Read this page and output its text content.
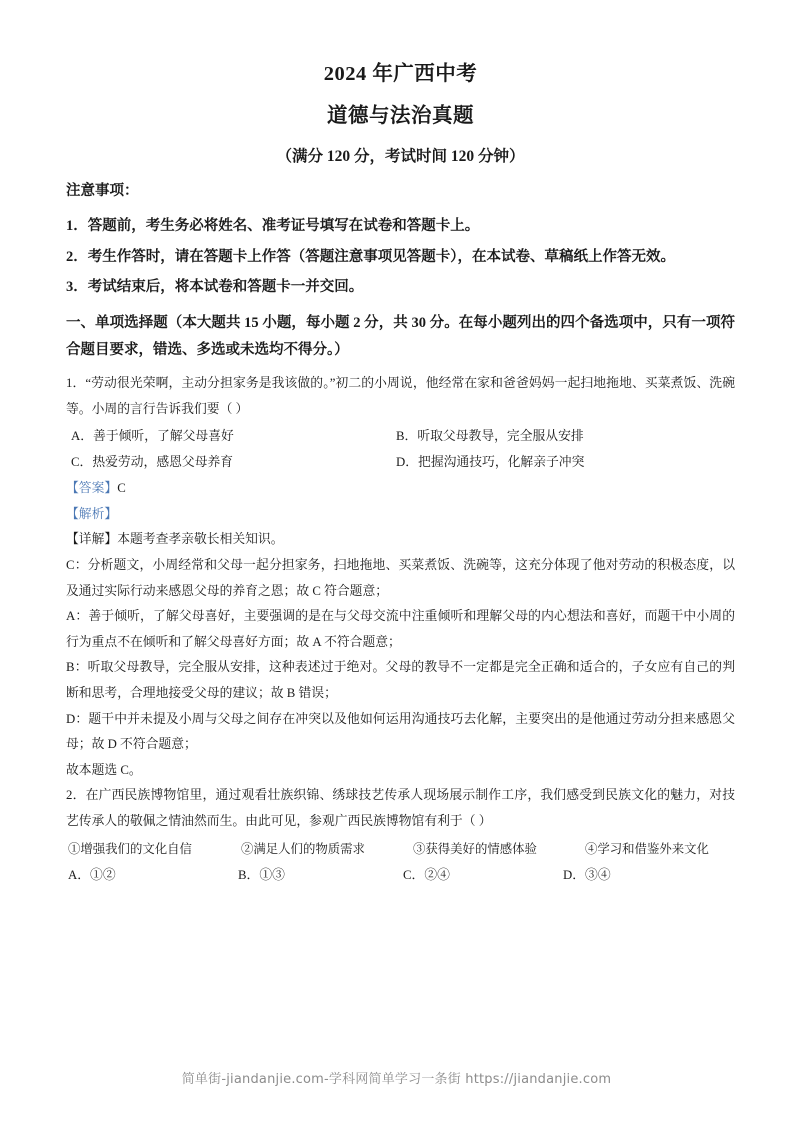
2024 年广西中考
道德与法治真题
（满分 120 分，考试时间 120 分钟）
注意事项：
1．答题前，考生务必将姓名、准考证号填写在试卷和答题卡上。
2．考生作答时，请在答题卡上作答（答题注意事项见答题卡），在本试卷、草稿纸上作答无效。
3．考试结束后，将本试卷和答题卡一并交回。
一、单项选择题（本大题共 15 小题，每小题 2 分，共 30 分。在每小题列出的四个备选项中，只有一项符合题目要求，错选、多选或未选均不得分。）
1．“劳动很光荣啊，主动分担家务是我该做的。”初二的小周说，他经常在家和爸爸妈妈一起扫地拖地、买菜煮饭、洗碗等。小周的言行告诉我们要（ ）
A．善于倾听，了解父母喜好	B．听取父母教导，完全服从安排
C．热爱劳动，感恩父母养育	D．把握沟通技巧，化解亲子冲突
【答案】C
【解析】
【详解】本题考查孝亲敬长相关知识。
C：分析题文，小周经常和父母一起分担家务，扫地拖地、买菜煮饭、洗碗等，这充分体现了他对劳动的积极态度，以及通过实际行动来感恩父母的养育之恩；故 C 符合题意；
A：善于倾听，了解父母喜好，主要强调的是在与父母交流中注重倾听和理解父母的内心想法和喜好，而题干中小周的行为重点不在倾听和了解父母喜好方面；故 A 不符合题意；
B：听取父母教导，完全服从安排，这种表述过于绝对。父母的教导不一定都是完全正确和适合的，子女应有自己的判断和思考，合理地接受父母的建议；故 B 错误；
D：题干中并未提及小周与父母之间存在冲突以及他如何运用沟通技巧去化解，主要突出的是他通过劳动分担来感恩父母；故 D 不符合题意；
故本题选 C。
2．在广西民族博物馆里，通过观看壮族织锦、绣球技艺传承人现场展示制作工序，我们感受到民族文化的魅力，对技艺传承人的敬佩之情油然而生。由此可见，参观广西民族博物馆有利于（ ）
①增强我们的文化自信	②满足人们的物质需求	③获得美好的情感体验	④学习和借鉴外来文化
A．①②	B．①③	C．②④	D．③④
简单街-jiandanjie.com-学科网简单学习一条街 https://jiandanjie.com
